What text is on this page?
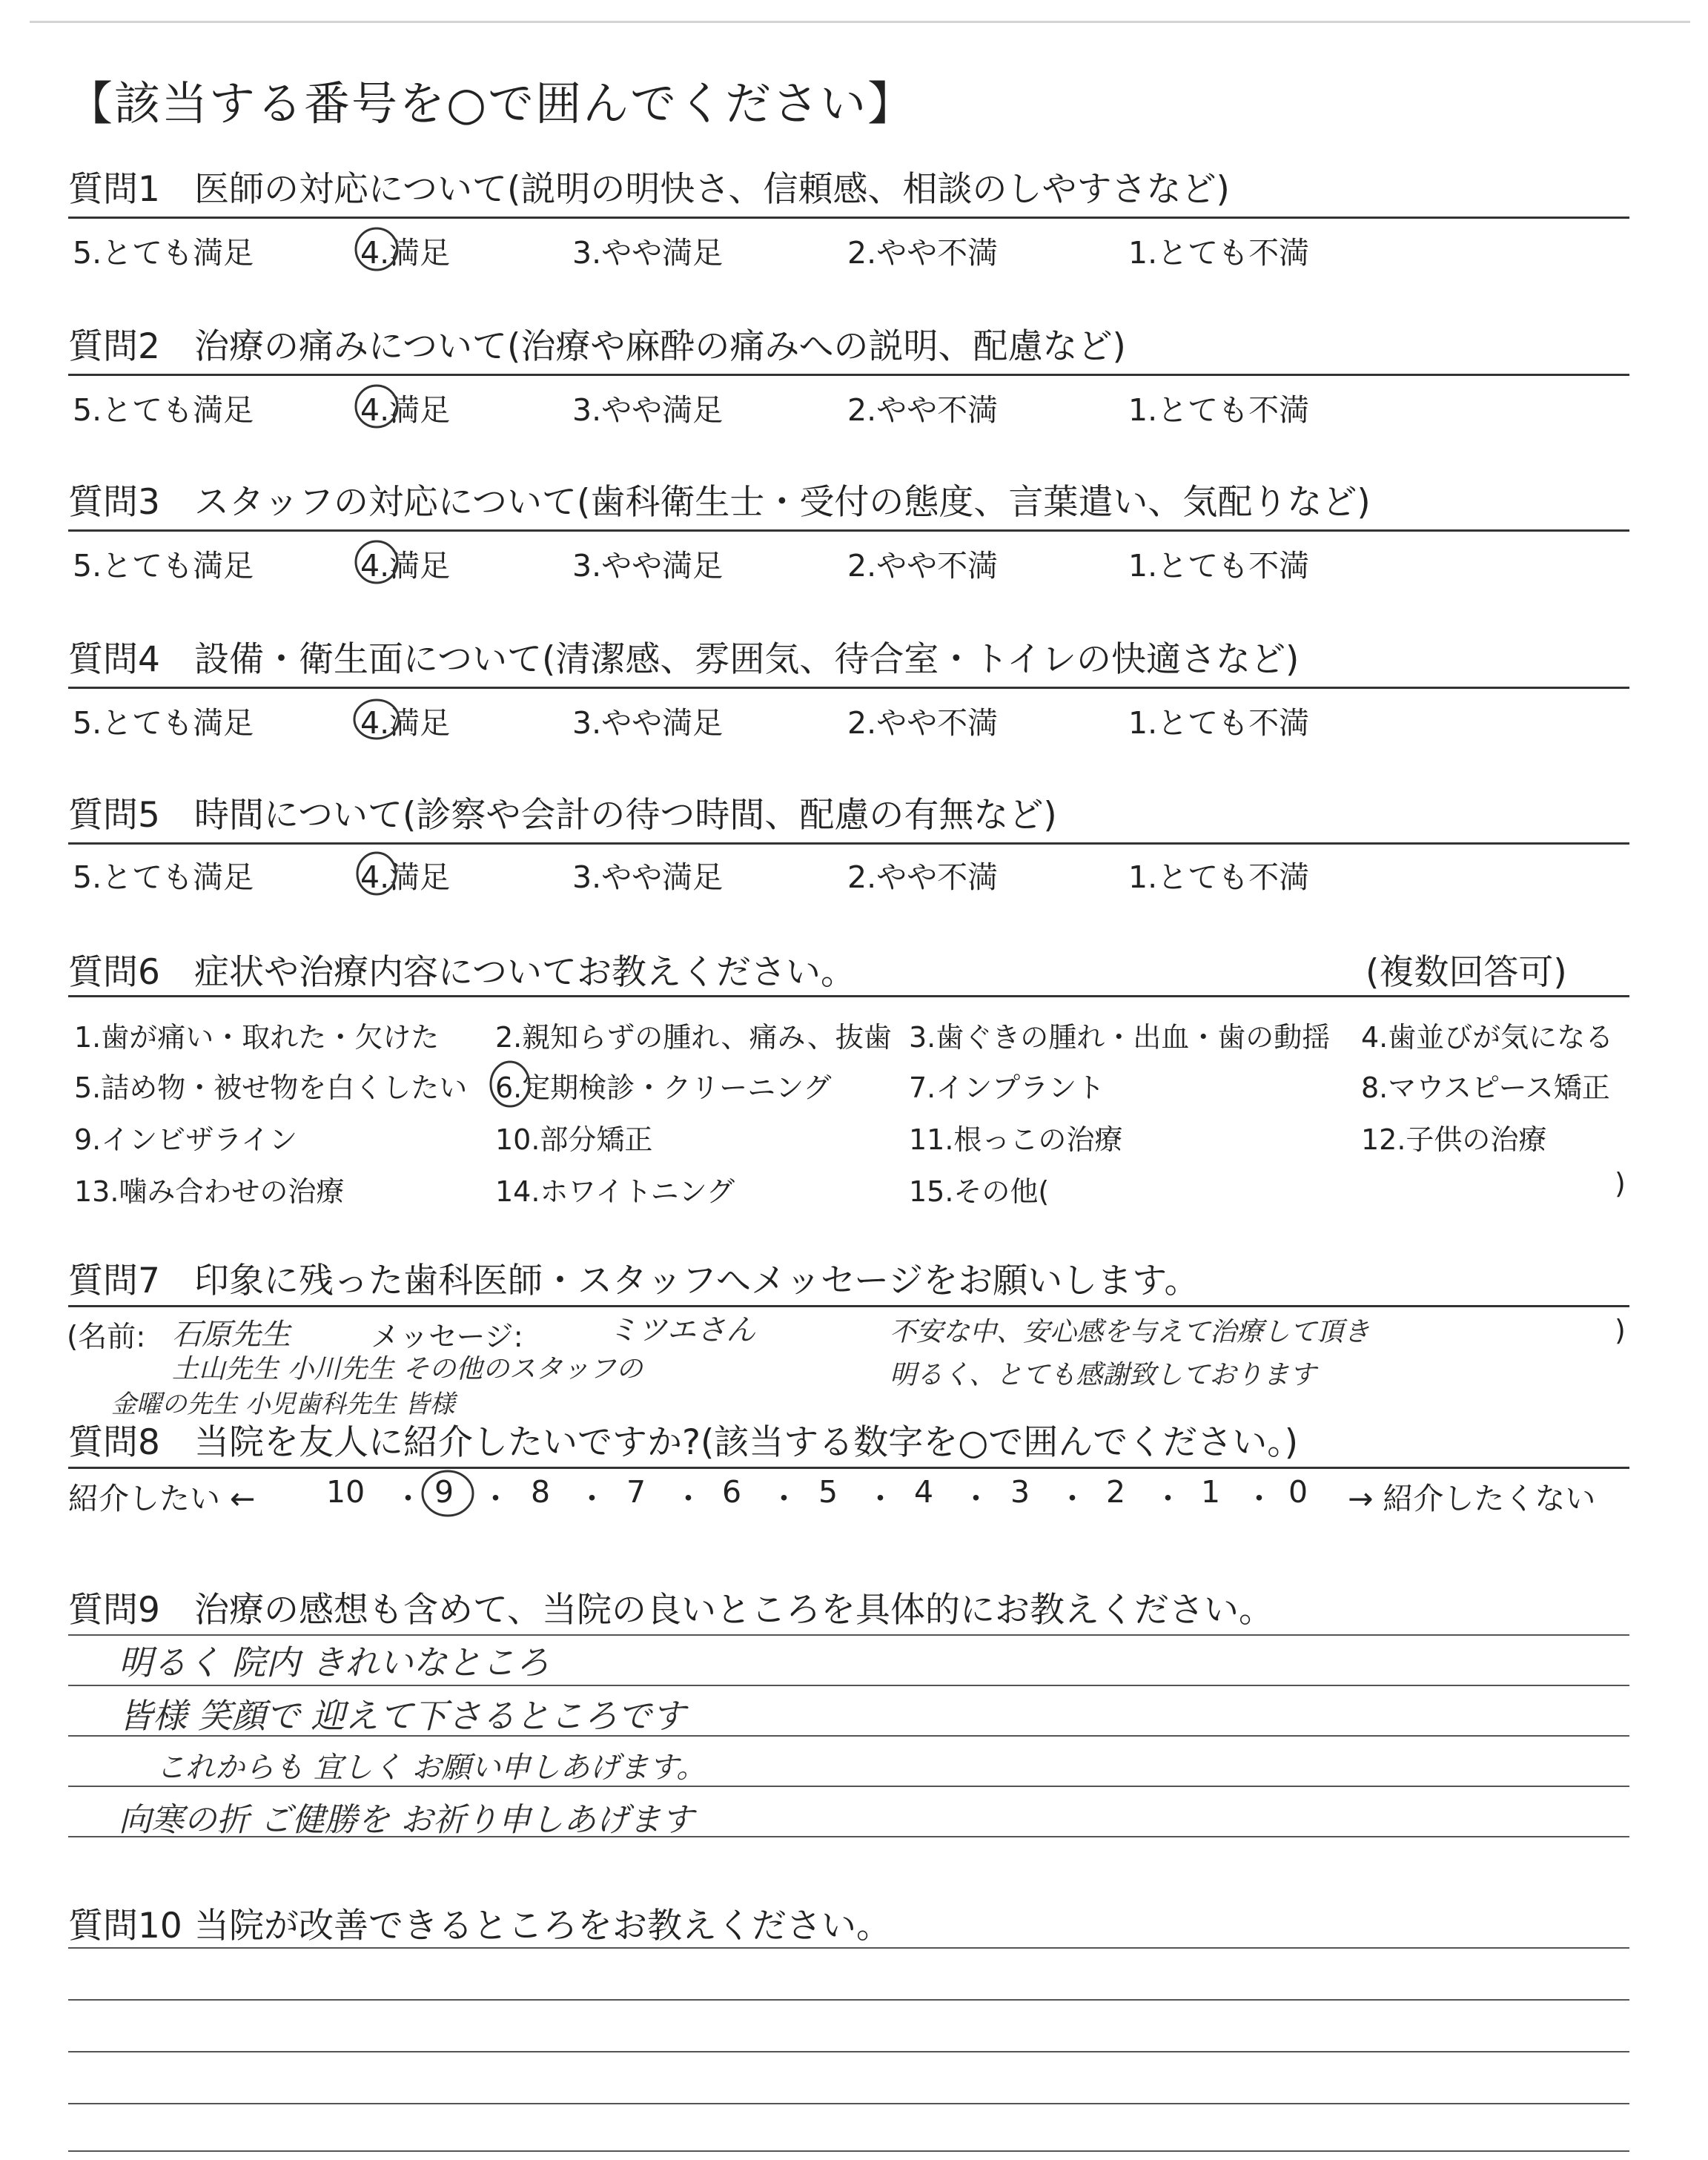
【該当する番号を○で囲んでください】
質問1 医師の対応について(説明の明快さ、信頼感、相談のしやすさなど)
5.とても満足	4.満足	3.やや満足	2.やや不満	1.とても不満
質問2 治療の痛みについて(治療や麻酔の痛みへの説明、配慮など)
5.とても満足	4.満足	3.やや満足	2.やや不満	1.とても不満
質問3 スタッフの対応について(歯科衛生士・受付の態度、言葉遣い、気配りなど)
5.とても満足	4.満足	3.やや満足	2.やや不満	1.とても不満
質問4 設備・衛生面について(清潔感、雰囲気、待合室・トイレの快適さなど)
5.とても満足	4.満足	3.やや満足	2.やや不満	1.とても不満
質問5 時間について(診察や会計の待つ時間、配慮の有無など)
5.とても満足	4.満足	3.やや満足	2.やや不満	1.とても不満
質問6 症状や治療内容についてお教えください。	(複数回答可)
1.歯が痛い・取れた・欠けた 2.親知らずの腫れ、痛み、抜歯 3.歯ぐきの腫れ・出血・歯の動揺 4.歯並びが気になる
5.詰め物・被せ物を白くしたい 6.定期検診・クリーニング	7.インプラント	8.マウスピース矯正
9.インビザライン	10.部分矯正	11.根っこの治療	12.子供の治療
13.噛み合わせの治療	14.ホワイトニング	15.その他(	)
質問7 印象に残った歯科医師・スタッフへメッセージをお願いします。
(名前: 石原先生	メッセージ:	ミツエさん	不安な中、安心感を与えて治療して頂き	)
土山先生 小川先生 その他のスタッフの	明るく、とても感謝致しております
金曜の先生 小児歯科先生 皆様
質問8 当院を友人に紹介したいですか?(該当する数字を○で囲んでください。)
紹介したい ← 10 9	8	7	6	5	4	3	2 1 0 → 紹介したくない
・ ・ ・ ・ ・ ・ ・ ・ ・ ・
質問9 治療の感想も含めて、当院の良いところを具体的にお教えください。
明るく 院内 きれいなところ
皆様 笑顔で 迎えて下さるところです
これからも 宜しく お願い申しあげます。
向寒の折 ご健勝を お祈り申しあげます
質問10 当院が改善できるところをお教えください。
